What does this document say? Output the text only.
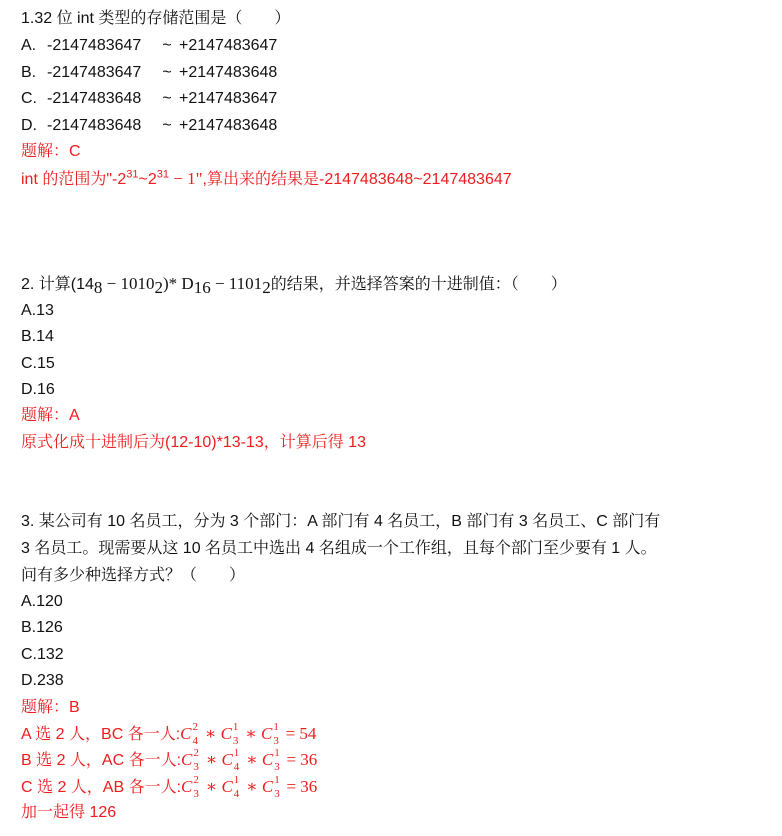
1.32 位 int 类型的存储范围是（　　）
A. -2147483647 ~ +2147483647
B. -2147483647 ~ +2147483648
C. -2147483648 ~ +2147483647
D. -2147483648 ~ +2147483648
题解：C
int 的范围为"$-2^{31}\sim 2^{31} - 1$",算出来的结果是-2147483648~2147483647
2. 计算$(14_8 - 1010_2)*$ $D_{16} - 1101_2$的结果，并选择答案的十进制值：（　　）
A.13
B.14
C.15
D.16
题解：A
原式化成十进制后为(12-10)*13-13，计算后得 13
3. 某公司有 10 名员工，分为 3 个部门：A 部门有 4 名员工，B 部门有 3 名员工、C 部门有
3 名员工。现需要从这 10 名员工中选出 4 名组成一个工作组，且每个部门至少要有 1 人。
问有多少种选择方式？（　　）
A.120
B.126
C.132
D.238
题解：B
A 选 2 人，BC 各一人:C 2
4 ∗ C 1
3 ∗ C 1
3 = 54
B 选 2 人，AC 各一人:C 2
3 ∗ C 1
4 ∗ C 1
3 = 36
C 选 2 人，AB 各一人:C 2
3 ∗ C 1
4 ∗ C 1
3 = 36
加一起得 126
